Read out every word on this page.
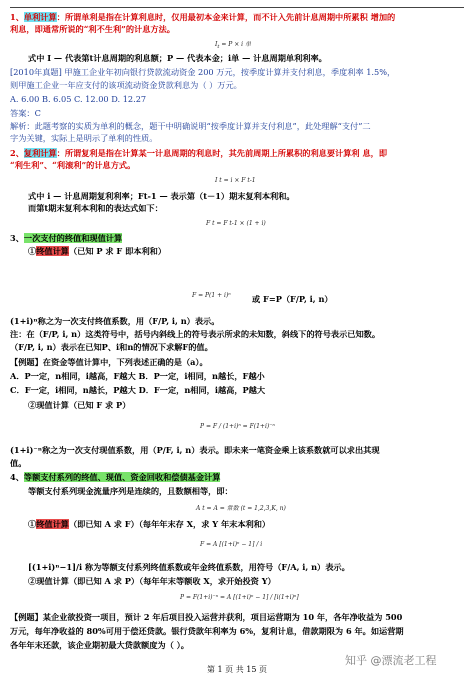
1、单利计算：所谓单利是指在计算利息时，仅用最初本金来计算，而不计入先前计息周期中所累积 增加的
利息，即通常所说的“利不生利”的计息方法。
$I_t = P \times i$ 单
式中 I — 代表第t计息周期的利息额；P — 代表本金；i单 — 计息周期单利利率。
[2010年真题] 甲施工企业年初向银行贷款流动资金 200 万元，按季度计算并支付利息，季度利率 1.5%，
则甲施工企业一年应支付的该项流动资金贷款利息为（ ）万元。
A. 6.00 B. 6.05 C. 12.00 D. 12.27
答案：C
解析：此题考察的实质为单利的概念，题干中明确说明“按季度计算并支付利息”，此处理解“支付”二
字为关键，实际上是明示了单利的性质。
2、复利计算：所谓复利是指在计算某一计息周期的利息时，其先前周期上所累积的利息要计算利 息，即
“利生利”、“利滚利”的计息方式。
I t = i × F t-1
式中 i — 计息周期复利利率；Ft-1 — 表示第（t－1）期末复利本利和。
而第t期末复利本利和的表达式如下：
F t = F t-1 × (1 + i)
3、一次支付的终值和现值计算
①终值计算（已知 P 求 F 即本利和）
F = P(1 + i)ⁿ	或 F=P（F/P, i, n）
(1+i)ⁿ称之为一次支付终值系数，用（F/P, i, n）表示。
注：在（F/P, i, n）这类符号中，括号内斜线上的符号表示所求的未知数，斜线下的符号表示已知数。
（F/P, i, n）表示在已知P、i和n的情况下求解F的值。
【例题】在资金等值计算中，下列表述正确的是（a）。
A．P一定，n相同，i越高，F越大 B．P一定，i相同，n越长，F越小
C．F一定，i相同，n越长，P越大 D．F一定，n相同，i越高，P越大
②现值计算（已知 F 求 P）
P = F / (1+i)ⁿ = F(1+i)⁻ⁿ
(1+i)⁻ⁿ称之为一次支付现值系数，用（P/F, i, n）表示。即未来一笔资金乘上该系数就可以求出其现
值。
4、等额支付系列的终值、现值、资金回收和偿债基金计算
等额支付系列现金流量序列是连续的，且数额相等，即：
A t = A = 常数 (t = 1,2,3,K, n)
①终值计算（即已知 A 求 F）（每年年末存 X，求 Y 年末本利和）
F = A [(1+i)ⁿ − 1] / i
[(1+i)ⁿ−1]/i 称为等额支付系列终值系数或年金终值系数，用符号（F/A, i, n）表示。
②现值计算（即已知 A 求 P）（每年年末等额收 X，求开始投资 Y）
P = F(1+i)⁻ⁿ = A [(1+i)ⁿ − 1] / [i(1+i)ⁿ]
【例题】某企业欲投资一项目，预计 2 年后项目投入运营并获利，项目运营期为 10 年，各年净收益为 500
万元，每年净收益的 80%可用于偿还贷款。银行贷款年利率为 6%，复利计息，借款期限为 6 年。如运营期
各年年末还款，该企业期初最大贷款额度为（ ）。
知乎 @漂流老工程
第 1 页 共 15 页
